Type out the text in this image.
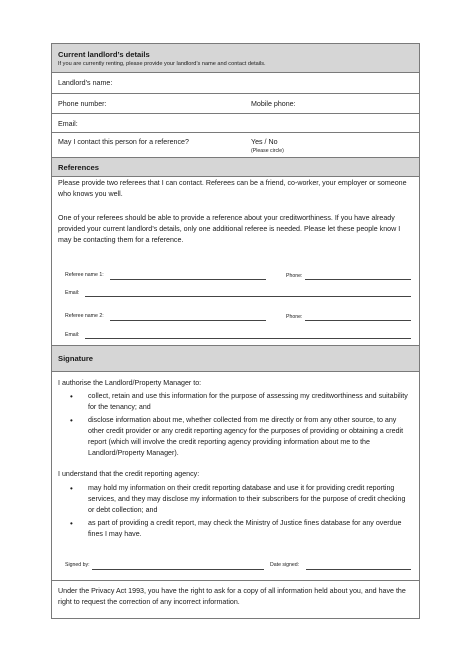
Current landlord’s details
If you are currently renting, please provide your landlord’s name and contact details.
Landlord’s name:
Phone number:	Mobile phone:
Email:
May I contact this person for a reference?	Yes / No
(Please circle)
References
Please provide two referees that I can contact. Referees can be a friend, co-worker, your employer or someone who knows you well.
One of your referees should be able to provide a reference about your creditworthiness. If you have already provided your current landlord’s details, only one additional referee is needed. Please let these people know I may be contacting them for a reference.
Referee name 1:	Phone:
Email:
Referee name 2:	Phone:
Email:
Signature
I authorise the Landlord/Property Manager to:
• collect, retain and use this information for the purpose of assessing my creditworthiness and suitability for the tenancy; and
• disclose information about me, whether collected from me directly or from any other source, to any other credit provider or any credit reporting agency for the purposes of providing or obtaining a credit report (which will involve the credit reporting agency providing information about me to the Landlord/Property Manager).
I understand that the credit reporting agency:
• may hold my information on their credit reporting database and use it for providing credit reporting services, and they may disclose my information to their subscribers for the purpose of credit checking or debt collection; and
• as part of providing a credit report, may check the Ministry of Justice fines database for any overdue fines I may have.
Signed by:	Date signed:
Under the Privacy Act 1993, you have the right to ask for a copy of all information held about you, and have the right to request the correction of any incorrect information.
